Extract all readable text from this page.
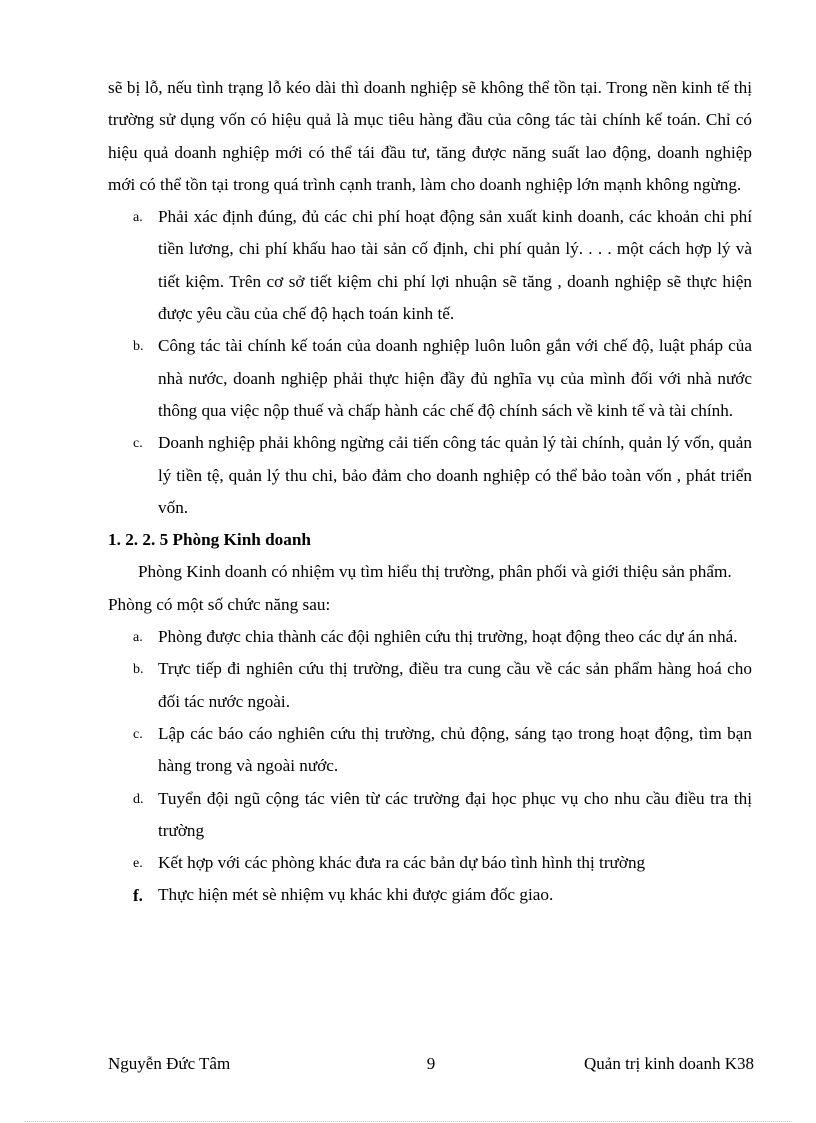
sẽ bị lỗ, nếu tình trạng lỗ kéo dài thì doanh nghiệp sẽ không thể tồn tại. Trong nền kinh tế thị trường sử dụng vốn có hiệu quả là mục tiêu hàng đầu của công tác tài chính kế toán. Chỉ có hiệu quả doanh nghiệp mới có thể tái đầu tư, tăng được năng suất lao động, doanh nghiệp mới có thể tồn tại trong quá trình cạnh tranh, làm cho doanh nghiệp lớn mạnh không ngừng.

a. Phải xác định đúng, đủ các chi phí hoạt động sản xuất kinh doanh, các khoản chi phí tiền lương, chi phí khấu hao tài sản cố định, chi phí quản lý. . . . một cách hợp lý và tiết kiệm. Trên cơ sở tiết kiệm chi phí lợi nhuận sẽ tăng , doanh nghiệp sẽ thực hiện được yêu cầu của chế độ hạch toán kinh tế.
b. Công tác tài chính kế toán của doanh nghiệp luôn luôn gắn với chế độ, luật pháp của nhà nước, doanh nghiệp phải thực hiện đầy đủ nghĩa vụ của mình đối với nhà nước thông qua việc nộp thuế và chấp hành các chế độ chính sách về kinh tế và tài chính.
c. Doanh nghiệp phải không ngừng cải tiến công tác quản lý tài chính, quản lý vốn, quản lý tiền tệ, quản lý thu chi, bảo đảm cho doanh nghiệp có thể bảo toàn vốn , phát triển vốn.

1. 2. 2. 5 Phòng Kinh doanh

Phòng Kinh doanh có nhiệm vụ tìm hiểu thị trường, phân phối và giới thiệu sản phẩm.

Phòng có một số chức năng sau:

a. Phòng được chia thành các đội nghiên cứu thị trường, hoạt động theo các dự án nhá.
b. Trực tiếp đi nghiên cứu thị trường, điều tra cung cầu về các sản phẩm hàng hoá cho đối tác nước ngoài.
c. Lập các báo cáo nghiên cứu thị trường, chủ động, sáng tạo trong hoạt động, tìm bạn hàng trong và ngoài nước.
d. Tuyển đội ngũ cộng tác viên từ các trường đại học phục vụ cho nhu cầu điều tra thị trường
e. Kết hợp với các phòng khác đưa ra các bản dự báo tình hình thị trường
f. Thực hiện mét sè nhiệm vụ khác khi được giám đốc giao.
Nguyễn Đức Tâm	9	Quản trị kinh doanh K38
